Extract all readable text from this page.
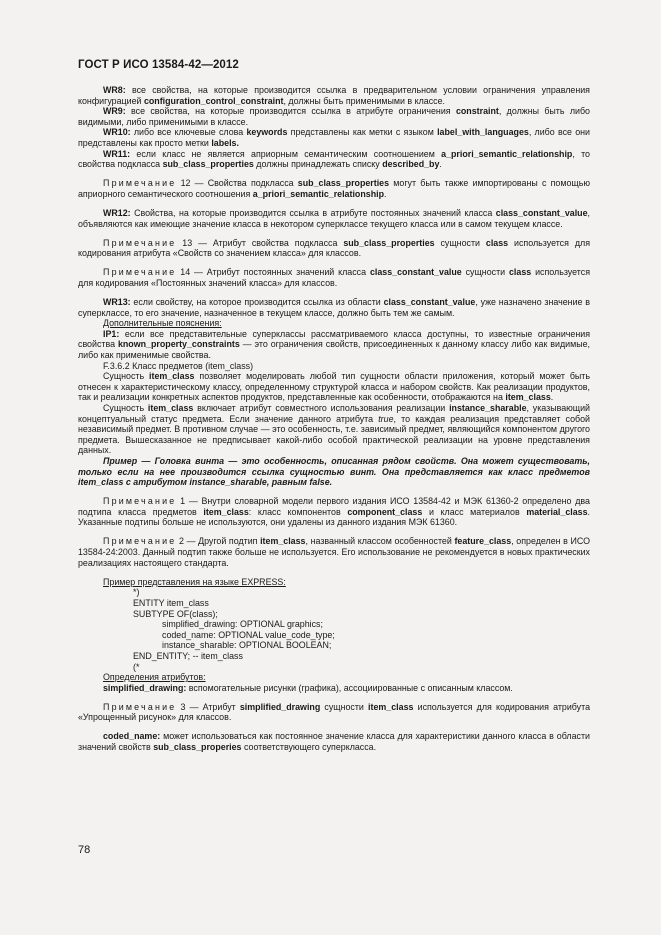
ГОСТ Р ИСО 13584-42—2012

WR8: все свойства, на которые производится ссылка в предварительном условии ограничения управления конфигурацией configuration_control_constraint, должны быть применимыми в классе.

WR9: все свойства, на которые производится ссылка в атрибуте ограничения constraint, должны быть либо видимыми, либо применимыми в классе.

WR10: либо все ключевые слова keywords представлены как метки с языком label_with_languages, либо все они представлены как просто метки labels.

WR11: если класс не является априорным семантическим соотношением a_priori_semantic_relationship, то свойства подкласса sub_class_properties должны принадлежать списку described_by.

Примечание 12 — Свойства подкласса sub_class_properties могут быть также импортированы с помощью априорного семантического соотношения a_priori_semantic_relationship.

WR12: Свойства, на которые производится ссылка в атрибуте постоянных значений класса class_constant_value, объявляются как имеющие значение класса в некотором суперклассе текущего класса или в самом текущем классе.

Примечание 13 — Атрибут свойства подкласса sub_class_properties сущности class используется для кодирования атрибута «Свойств со значением класса» для классов.

Примечание 14 — Атрибут постоянных значений класса class_constant_value сущности class используется для кодирования «Постоянных значений класса» для классов.

WR13: если свойству, на которое производится ссылка из области class_constant_value, уже назначено значение в суперклассе, то его значение, назначенное в текущем классе, должно быть тем же самым.

Дополнительные пояснения:

IP1: если все представительные суперклассы рассматриваемого класса доступны, то известные ограничения свойства known_property_constraints — это ограничения свойств, присоединенных к данному классу либо как видимые, либо как применимые свойства.

F.3.6.2 Класс предметов (item_class)

Сущность item_class позволяет моделировать любой тип сущности области приложения, который может быть отнесен к характеристическому классу, определенному структурой класса и набором свойств. Как реализации продуктов, так и реализации конкретных аспектов продуктов, представленные как особенности, отображаются на item_class.

Сущность item_class включает атрибут совместного использования реализации instance_sharable, указывающий концептуальный статус предмета. Если значение данного атрибута true, то каждая реализация представляет собой независимый предмет. В противном случае — это особенность, т.е. зависимый предмет, являющийся компонентом другого предмета. Вышесказанное не предписывает какой-либо особой практической реализации на уровне представления данных.

Пример — Головка винта — это особенность, описанная рядом свойств. Она может существовать, только если на нее производится ссылка сущностью винт. Она представляется как класс предметов item_class с атрибутом instance_sharable, равным false.

Примечание 1 — Внутри словарной модели первого издания ИСО 13584-42 и МЭК 61360-2 определено два подтипа класса предметов item_class: класс компонентов component_class и класс материалов material_class. Указанные подтипы больше не используются, они удалены из данного издания МЭК 61360.

Примечание 2 — Другой подтип item_class, названный классом особенностей feature_class, определен в ИСО 13584-24:2003. Данный подтип также больше не используется. Его использование не рекомендуется в новых практических реализациях настоящего стандарта.

Пример представления на языке EXPRESS:

*)
ENTITY item_class
SUBTYPE OF(class);
simplified_drawing: OPTIONAL graphics;
coded_name: OPTIONAL value_code_type;
instance_sharable: OPTIONAL BOOLEAN;
END_ENTITY; -- item_class
(*

Определения атрибутов:

simplified_drawing: вспомогательные рисунки (графика), ассоциированные с описанным классом.

Примечание 3 — Атрибут simplified_drawing сущности item_class используется для кодирования атрибута «Упрощенный рисунок» для классов.

coded_name: может использоваться как постоянное значение класса для характеристики данного класса в области значений свойств sub_class_properies соответствующего суперкласса.

78
